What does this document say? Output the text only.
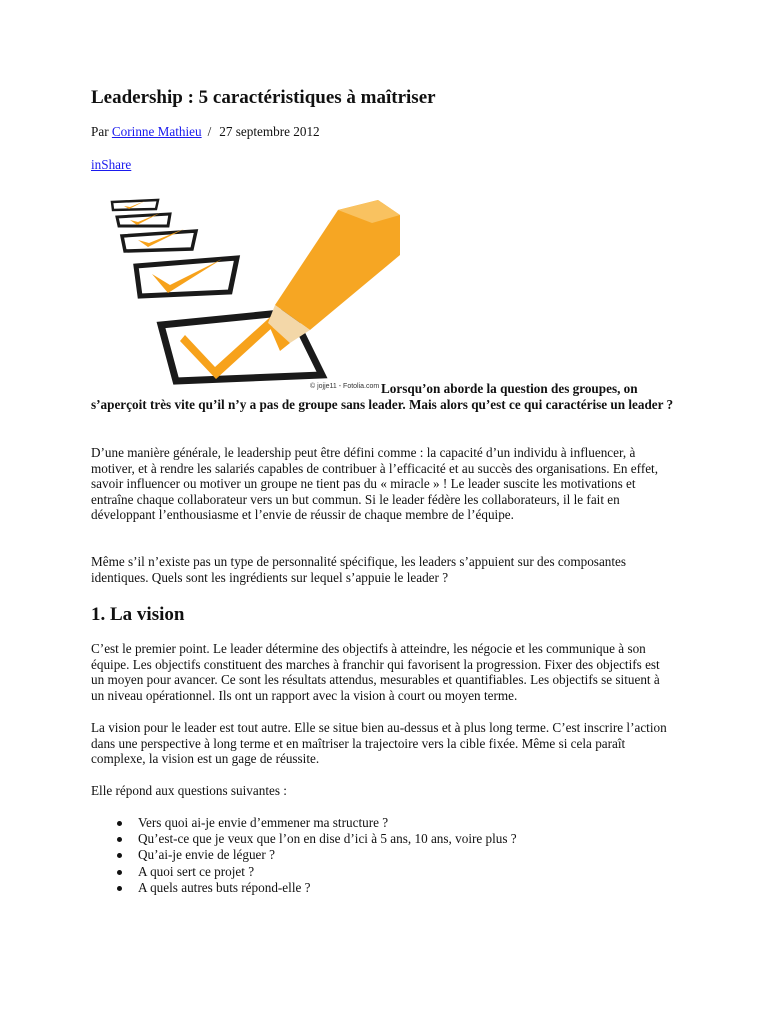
Leadership : 5 caractéristiques à maîtriser
Par Corinne Mathieu / 27 septembre 2012
inShare
© jojje11 - Fotolia.com Lorsqu’on aborde la question des groupes, on s’aperçoit très vite qu’il n’y a pas de groupe sans leader. Mais alors qu’est ce qui caractérise un leader ?

D’une manière générale, le leadership peut être défini comme : la capacité d’un individu à influencer, à motiver, et à rendre les salariés capables de contribuer à l’efficacité et au succès des organisations. En effet, savoir influencer ou motiver un groupe ne tient pas du « miracle » ! Le leader suscite les motivations et entraîne chaque collaborateur vers un but commun. Si le leader fédère les collaborateurs, il le fait en développant l’enthousiasme et l’envie de réussir de chaque membre de l’équipe.

Même s’il n’existe pas un type de personnalité spécifique, les leaders s’appuient sur des composantes identiques. Quels sont les ingrédients sur lequel s’appuie le leader ?

1. La vision

C’est le premier point. Le leader détermine des objectifs à atteindre, les négocie et les communique à son équipe. Les objectifs constituent des marches à franchir qui favorisent la progression. Fixer des objectifs est un moyen pour avancer. Ce sont les résultats attendus, mesurables et quantifiables. Les objectifs se situent à un niveau opérationnel. Ils ont un rapport avec la vision à court ou moyen terme.

La vision pour le leader est tout autre. Elle se situe bien au-dessus et à plus long terme. C’est inscrire l’action dans une perspective à long terme et en maîtriser la trajectoire vers la cible fixée. Même si cela paraît complexe, la vision est un gage de réussite.

Elle répond aux questions suivantes :

Vers quoi ai-je envie d’emmener ma structure ?
Qu’est-ce que je veux que l’on en dise d’ici à 5 ans, 10 ans, voire plus ?
Qu’ai-je envie de léguer ?
A quoi sert ce projet ?
A quels autres buts répond-elle ?
